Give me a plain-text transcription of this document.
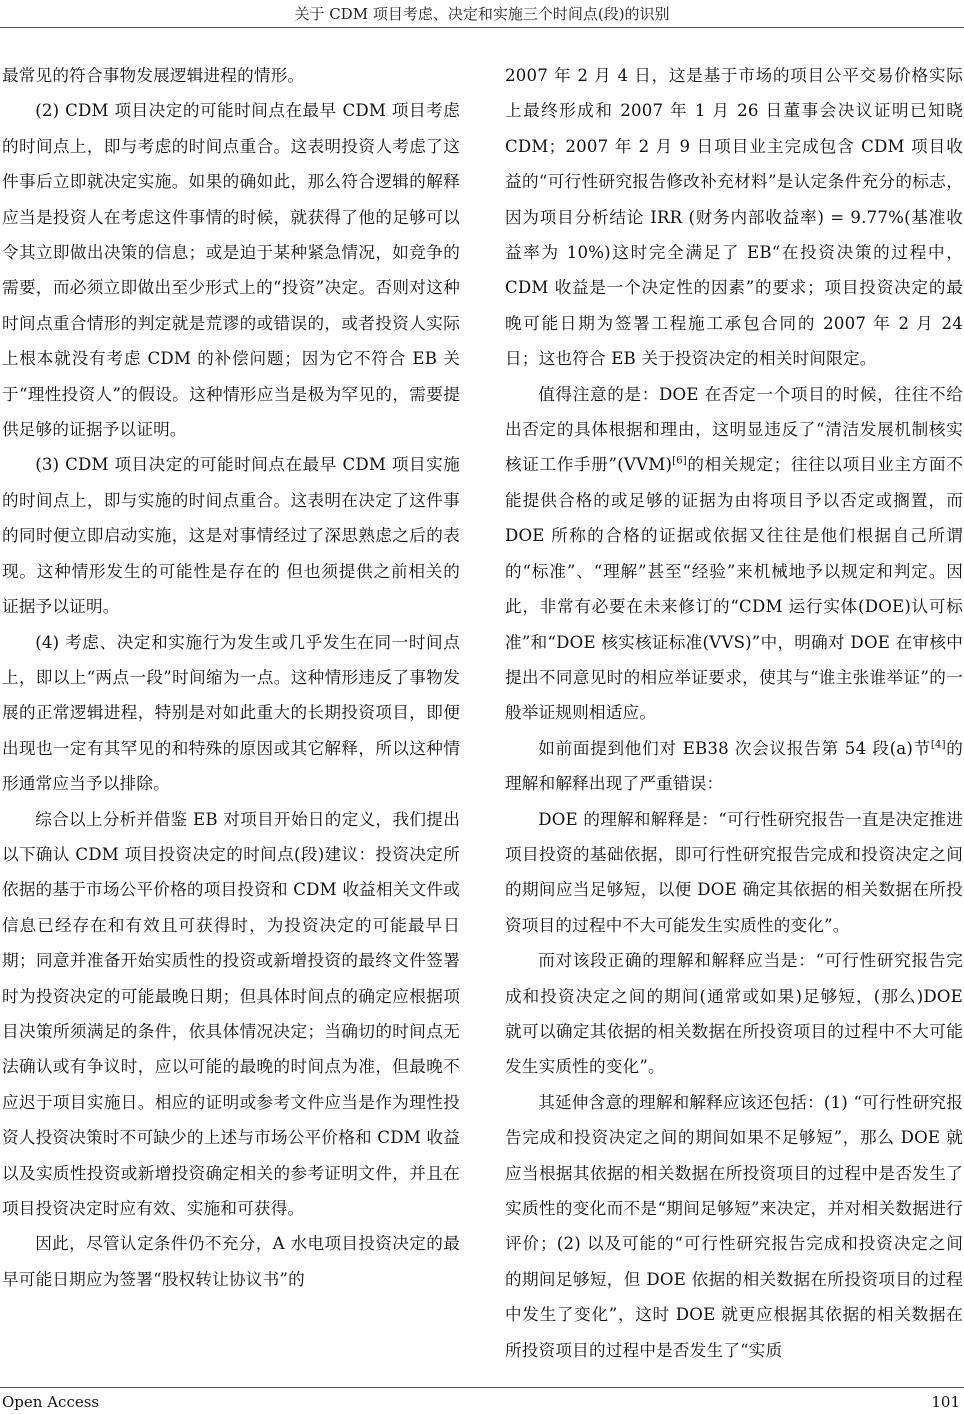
关于 CDM 项目考虑、决定和实施三个时间点(段)的识别

最常见的符合事物发展逻辑进程的情形。

(2) CDM 项目决定的可能时间点在最早 CDM 项目考虑的时间点上，即与考虑的时间点重合。这表明投资人考虑了这件事后立即就决定实施。如果的确如此，那么符合逻辑的解释应当是投资人在考虑这件事情的时候，就获得了他的足够可以令其立即做出决策的信息；或是迫于某种紧急情况，如竞争的需要，而必须立即做出至少形式上的“投资”决定。否则对这种时间点重合情形的判定就是荒谬的或错误的，或者投资人实际上根本就没有考虑 CDM 的补偿问题；因为它不符合 EB 关于“理性投资人”的假设。这种情形应当是极为罕见的，需要提供足够的证据予以证明。

(3) CDM 项目决定的可能时间点在最早 CDM 项目实施的时间点上，即与实施的时间点重合。这表明在决定了这件事的同时便立即启动实施，这是对事情经过了深思熟虑之后的表现。这种情形发生的可能性是存在的 但也须提供之前相关的证据予以证明。

(4) 考虑、决定和实施行为发生或几乎发生在同一时间点上，即以上“两点一段”时间缩为一点。这种情形违反了事物发展的正常逻辑进程，特别是对如此重大的长期投资项目，即便出现也一定有其罕见的和特殊的原因或其它解释，所以这种情形通常应当予以排除。

综合以上分析并借鉴 EB 对项目开始日的定义，我们提出以下确认 CDM 项目投资决定的时间点(段)建议：投资决定所依据的基于市场公平价格的项目投资和 CDM 收益相关文件或信息已经存在和有效且可获得时，为投资决定的可能最早日期；同意并准备开始实质性的投资或新增投资的最终文件签署时为投资决定的可能最晚日期；但具体时间点的确定应根据项目决策所须满足的条件，依具体情况决定；当确切的时间点无法确认或有争议时，应以可能的最晚的时间点为准，但最晚不应迟于项目实施日。相应的证明或参考文件应当是作为理性投资人投资决策时不可缺少的上述与市场公平价格和 CDM 收益以及实质性投资或新增投资确定相关的参考证明文件，并且在项目投资决定时应有效、实施和可获得。

因此，尽管认定条件仍不充分，A 水电项目投资决定的最早可能日期应为签署“股权转让协议书”的

2007 年 2 月 4 日，这是基于市场的项目公平交易价格实际上最终形成和 2007 年 1 月 26 日董事会决议证明已知晓 CDM；2007 年 2 月 9 日项目业主完成包含 CDM 项目收益的“可行性研究报告修改补充材料”是认定条件充分的标志，因为项目分析结论 IRR (财务内部收益率) = 9.77%(基准收益率为 10%)这时完全满足了 EB“在投资决策的过程中，CDM 收益是一个决定性的因素”的要求；项目投资决定的最晚可能日期为签署工程施工承包合同的 2007 年 2 月 24 日；这也符合 EB 关于投资决定的相关时间限定。

值得注意的是：DOE 在否定一个项目的时候，往往不给出否定的具体根据和理由，这明显违反了“清洁发展机制核实核证工作手册”(VVM)[6]的相关规定；往往以项目业主方面不能提供合格的或足够的证据为由将项目予以否定或搁置，而 DOE 所称的合格的证据或依据又往往是他们根据自己所谓的“标准”、“理解”甚至“经验”来机械地予以规定和判定。因此，非常有必要在未来修订的“CDM 运行实体(DOE)认可标准”和“DOE 核实核证标准(VVS)”中，明确对 DOE 在审核中提出不同意见时的相应举证要求，使其与“谁主张谁举证”的一般举证规则相适应。

如前面提到他们对 EB38 次会议报告第 54 段(a)节[4]的理解和解释出现了严重错误：

DOE 的理解和解释是：“可行性研究报告一直是决定推进项目投资的基础依据，即可行性研究报告完成和投资决定之间的期间应当足够短，以便 DOE 确定其依据的相关数据在所投资项目的过程中不大可能发生实质性的变化”。

而对该段正确的理解和解释应当是：“可行性研究报告完成和投资决定之间的期间(通常或如果)足够短，(那么)DOE 就可以确定其依据的相关数据在所投资项目的过程中不大可能发生实质性的变化”。

其延伸含意的理解和解释应该还包括：(1) “可行性研究报告完成和投资决定之间的期间如果不足够短”，那么 DOE 就应当根据其依据的相关数据在所投资项目的过程中是否发生了实质性的变化而不是“期间足够短”来决定，并对相关数据进行评价；(2) 以及可能的“可行性研究报告完成和投资决定之间的期间足够短，但 DOE 依据的相关数据在所投资项目的过程中发生了变化”，这时 DOE 就更应根据其依据的相关数据在所投资项目的过程中是否发生了“实质

Open Access	101
